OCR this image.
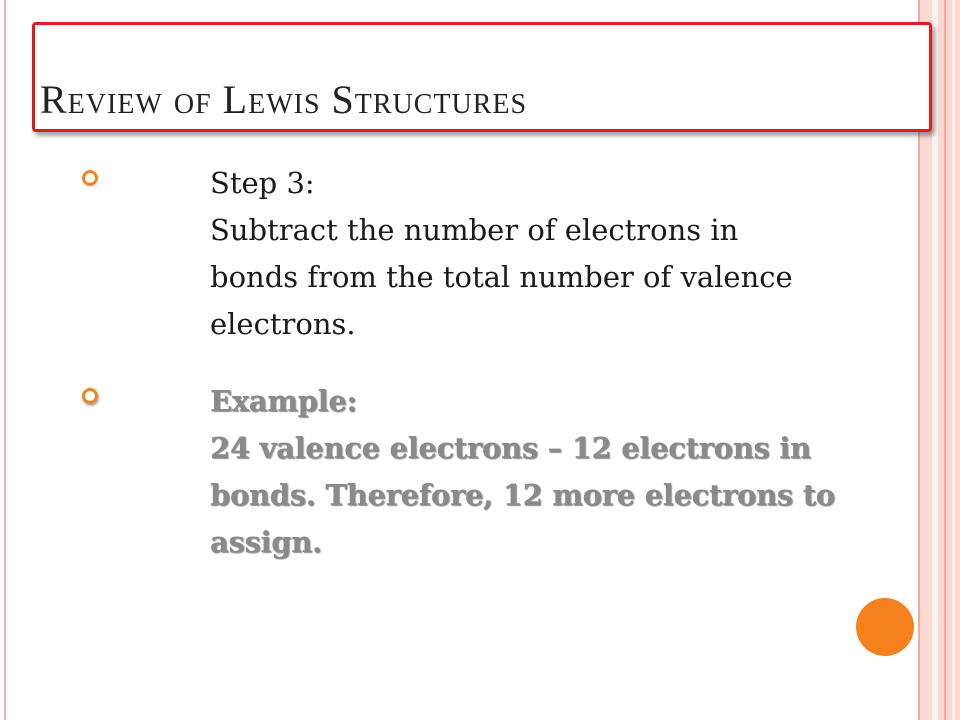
Review of Lewis Structures
Step 3:
Subtract the number of electrons in
bonds from the total number of valence
electrons.
Example:
24 valence electrons – 12 electrons in
bonds. Therefore, 12 more electrons to
assign.
